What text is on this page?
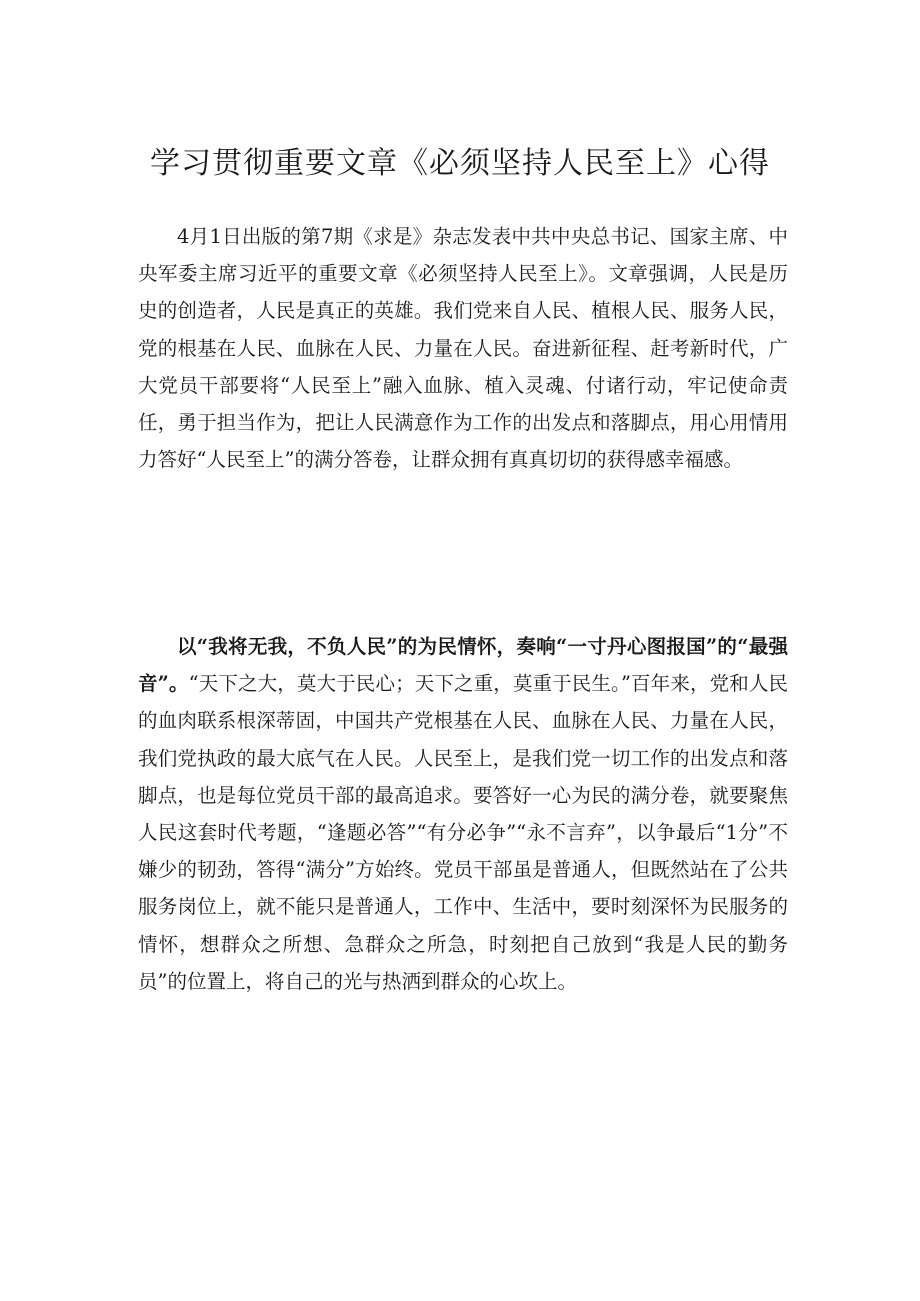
学习贯彻重要文章《必须坚持人民至上》心得

4月1日出版的第7期《求是》杂志发表中共中央总书记、国家主席、中央军委主席习近平的重要文章《必须坚持人民至上》。文章强调，人民是历史的创造者，人民是真正的英雄。我们党来自人民、植根人民、服务人民，党的根基在人民、血脉在人民、力量在人民。奋进新征程、赶考新时代，广大党员干部要将“人民至上”融入血脉、植入灵魂、付诸行动，牢记使命责任，勇于担当作为，把让人民满意作为工作的出发点和落脚点，用心用情用力答好“人民至上”的满分答卷，让群众拥有真真切切的获得感幸福感。

以“我将无我，不负人民”的为民情怀，奏响“一寸丹心图报国”的“最强音”。“天下之大，莫大于民心；天下之重，莫重于民生。”百年来，党和人民的血肉联系根深蒂固，中国共产党根基在人民、血脉在人民、力量在人民，我们党执政的最大底气在人民。人民至上，是我们党一切工作的出发点和落脚点，也是每位党员干部的最高追求。要答好一心为民的满分卷，就要聚焦人民这套时代考题，“逢题必答”“有分必争”“永不言弃”，以争最后“1分”不嫌少的韧劲，答得“满分”方始终。党员干部虽是普通人，但既然站在了公共服务岗位上，就不能只是普通人，工作中、生活中，要时刻深怀为民服务的情怀，想群众之所想、急群众之所急，时刻把自己放到“我是人民的勤务员”的位置上，将自己的光与热洒到群众的心坎上。
